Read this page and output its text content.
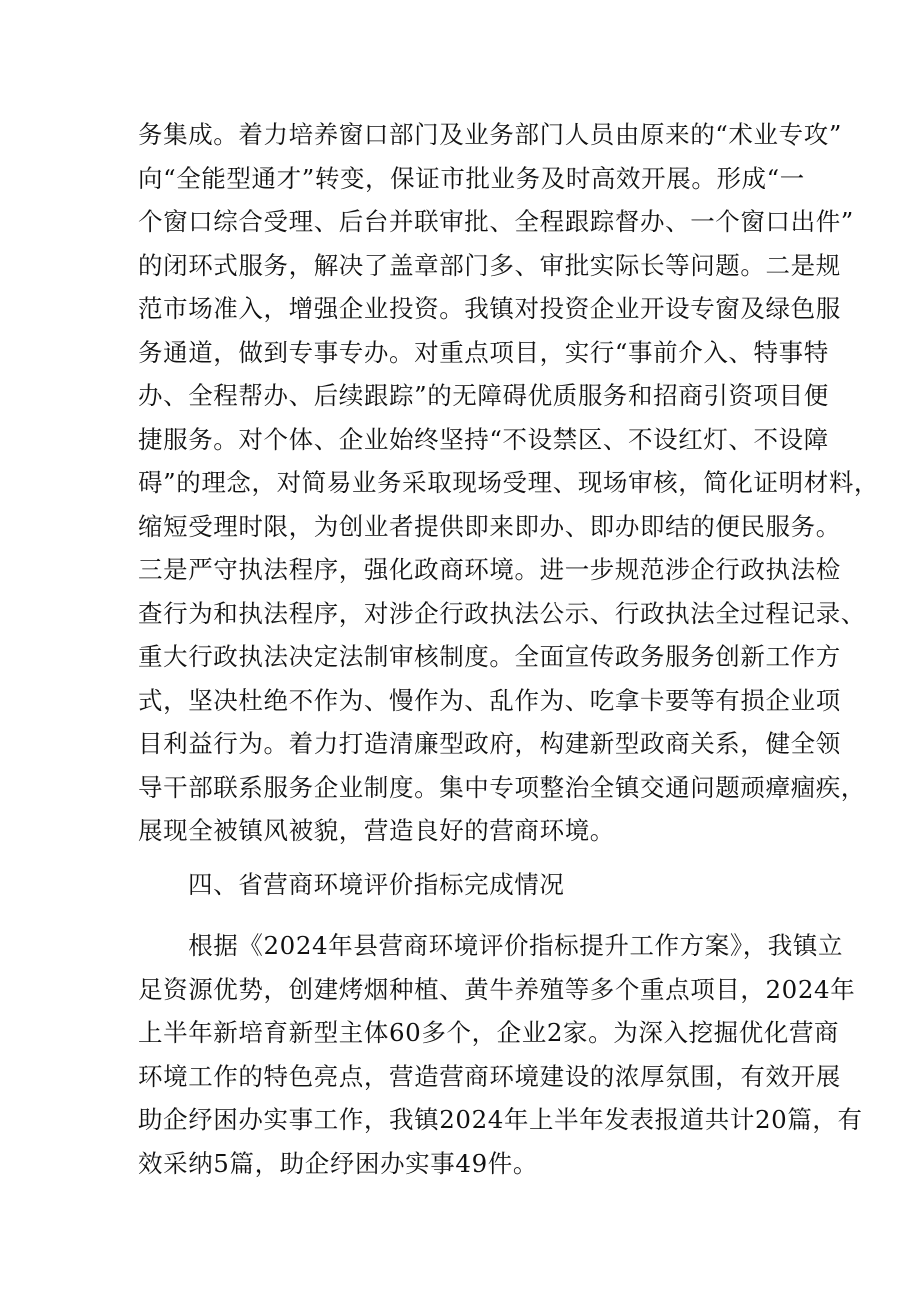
务集成。着力培养窗口部门及业务部门人员由原来的“术业专攻”
向“全能型通才”转变，保证市批业务及时高效开展。形成“一
个窗口综合受理、后台并联审批、全程跟踪督办、一个窗口出件”
的闭环式服务，解决了盖章部门多、审批实际长等问题。二是规
范市场准入，增强企业投资。我镇对投资企业开设专窗及绿色服
务通道，做到专事专办。对重点项目，实行“事前介入、特事特
办、全程帮办、后续跟踪”的无障碍优质服务和招商引资项目便
捷服务。对个体、企业始终坚持“不设禁区、不设红灯、不设障
碍”的理念，对简易业务采取现场受理、现场审核，简化证明材料，
缩短受理时限，为创业者提供即来即办、即办即结的便民服务。
三是严守执法程序，强化政商环境。进一步规范涉企行政执法检
查行为和执法程序，对涉企行政执法公示、行政执法全过程记录、
重大行政执法决定法制审核制度。全面宣传政务服务创新工作方
式，坚决杜绝不作为、慢作为、乱作为、吃拿卡要等有损企业项
目利益行为。着力打造清廉型政府，构建新型政商关系，健全领
导干部联系服务企业制度。集中专项整治全镇交通问题顽瘴痼疾，
展现全被镇风被貌，营造良好的营商环境。
四、省营商环境评价指标完成情况
　　根据《2024年县营商环境评价指标提升工作方案》，我镇立
足资源优势，创建烤烟种植、黄牛养殖等多个重点项目，2024年
上半年新培育新型主体60多个，企业2家。为深入挖掘优化营商
环境工作的特色亮点，营造营商环境建设的浓厚氛围，有效开展
助企纾困办实事工作，我镇2024年上半年发表报道共计20篇，有
效采纳5篇，助企纾困办实事49件。
